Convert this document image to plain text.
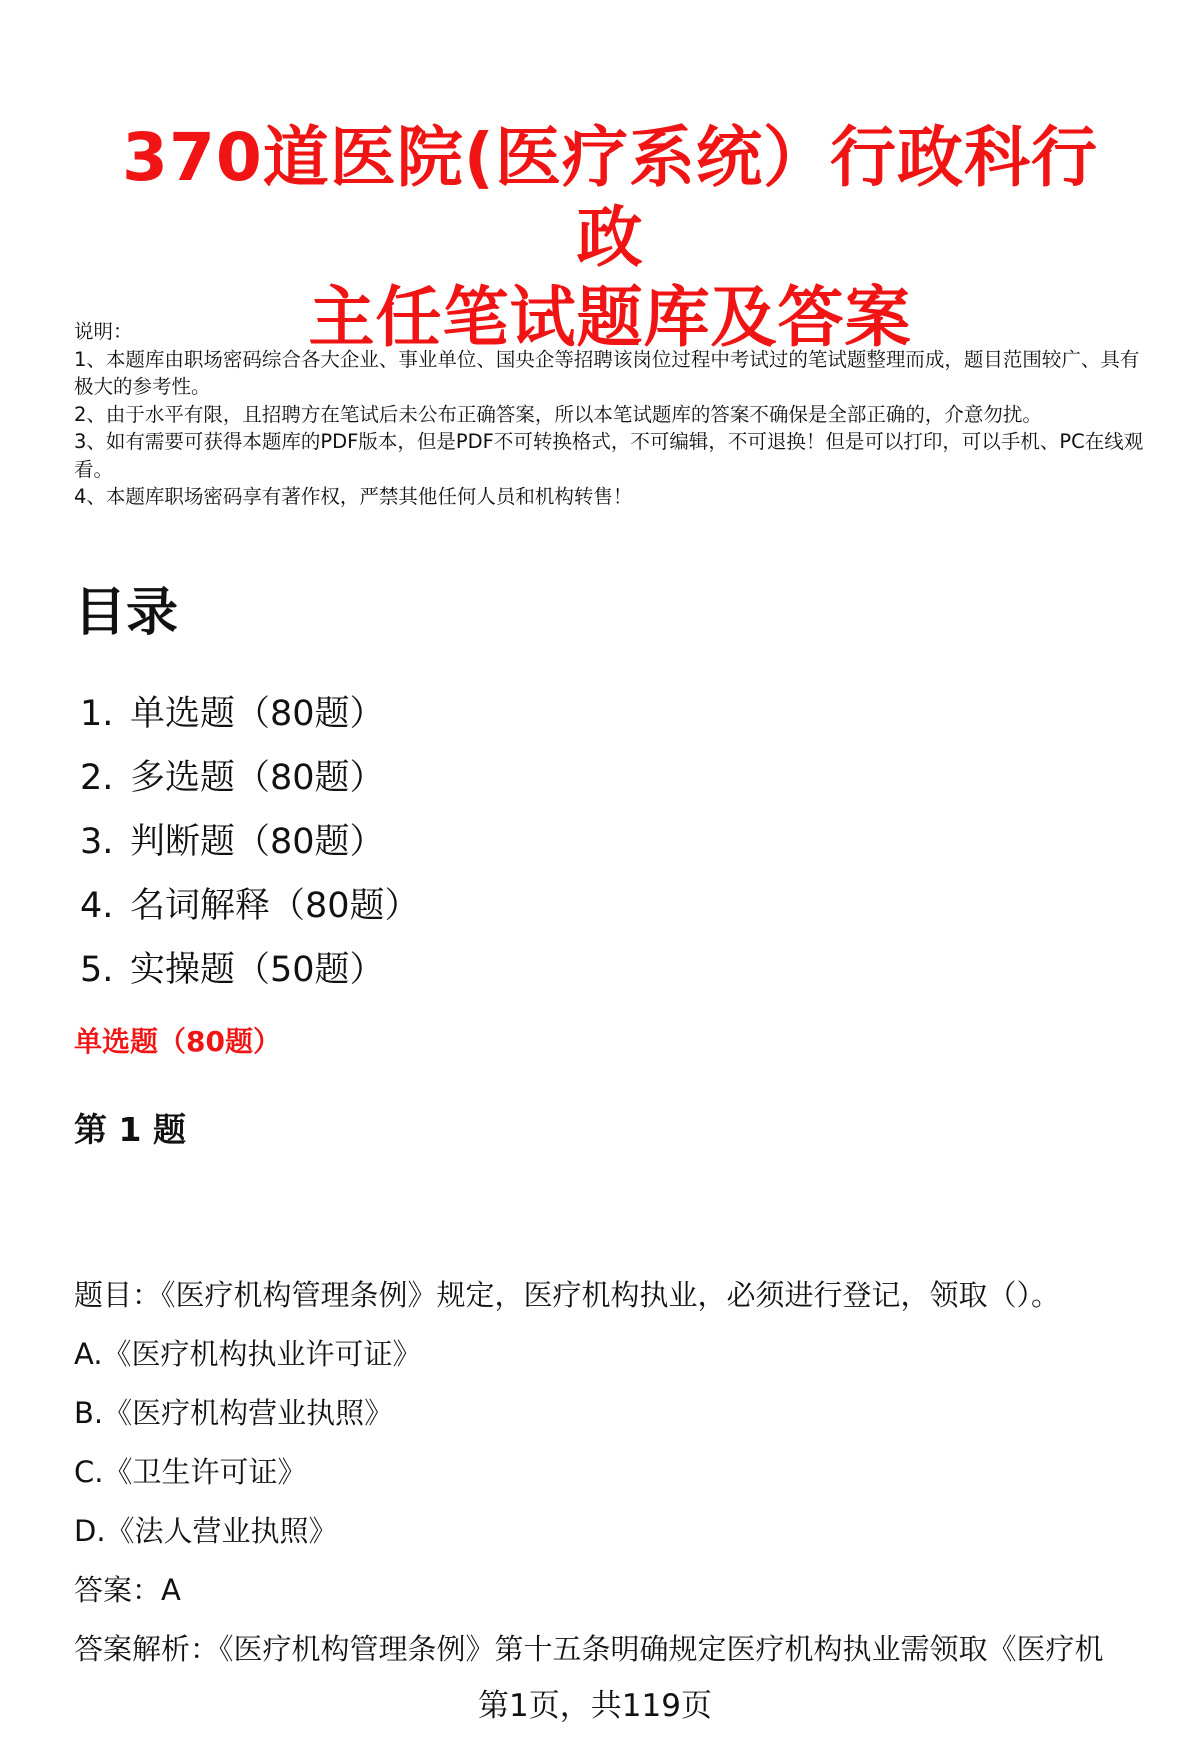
370道医院(医疗系统）行政科行政
主任笔试题库及答案
说明：
1、本题库由职场密码综合各大企业、事业单位、国央企等招聘该岗位过程中考试过的笔试题整理而成，题目范围较广、具有极大的参考性。
2、由于水平有限，且招聘方在笔试后未公布正确答案，所以本笔试题库的答案不确保是全部正确的，介意勿扰。
3、如有需要可获得本题库的PDF版本，但是PDF不可转换格式，不可编辑，不可退换！但是可以打印，可以手机、PC在线观看。
4、本题库职场密码享有著作权，严禁其他任何人员和机构转售！
目录
1. 单选题（80题）
2. 多选题（80题）
3. 判断题（80题）
4. 名词解释（80题）
5. 实操题（50题）
单选题（80题）
第 1 题
题目：《医疗机构管理条例》规定，医疗机构执业，必须进行登记，领取（）。
A.《医疗机构执业许可证》
B.《医疗机构营业执照》
C.《卫生许可证》
D.《法人营业执照》
答案：A
答案解析：《医疗机构管理条例》第十五条明确规定医疗机构执业需领取《医疗机
第1页，共119页
